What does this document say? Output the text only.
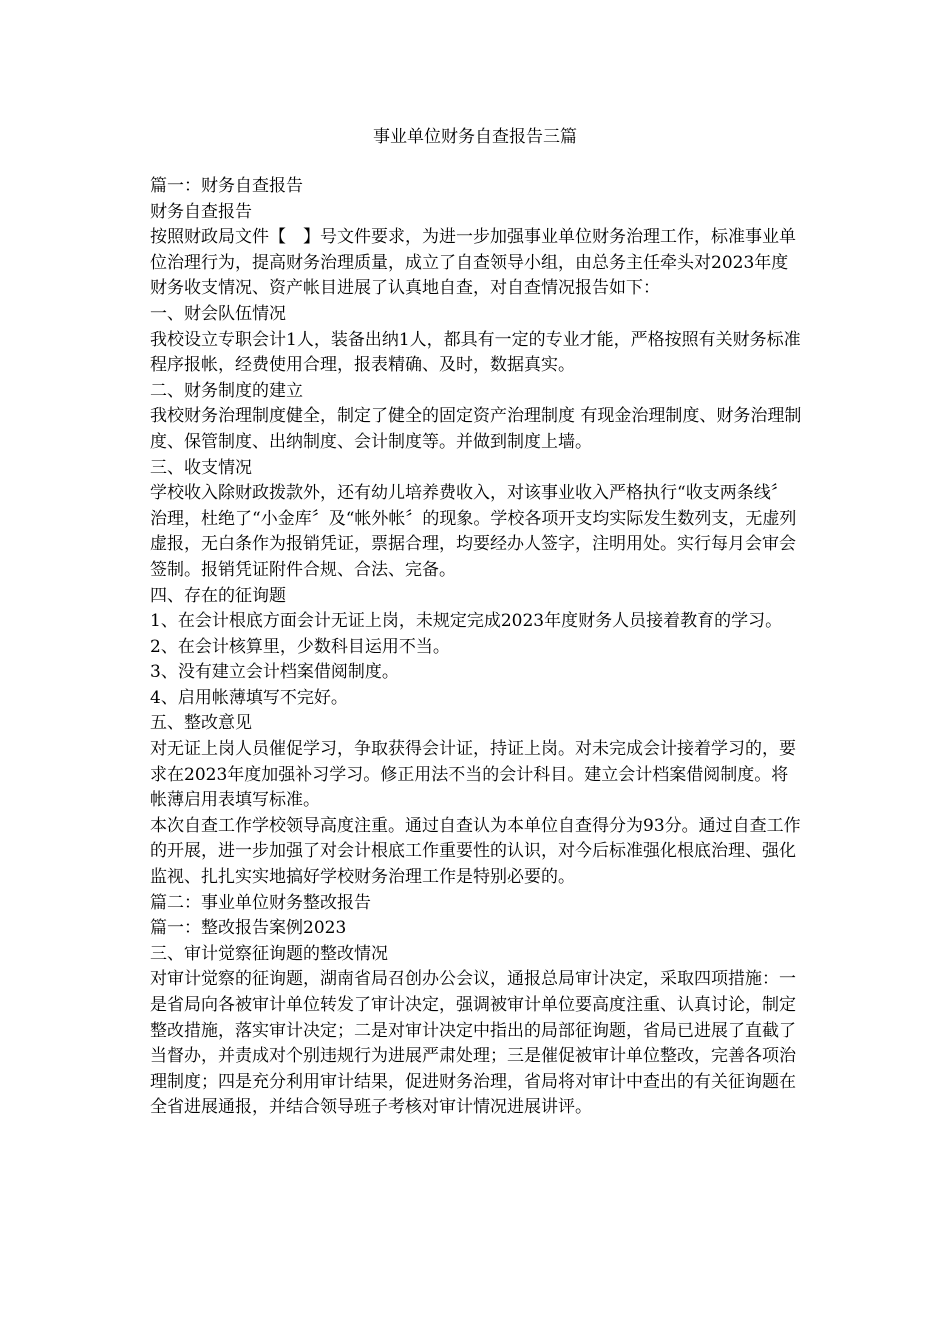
事业单位财务自查报告三篇

篇一：财务自查报告

财务自查报告

按照财政局文件【　】号文件要求，为进一步加强事业单位财务治理工作，标准事业单位治理行为，提高财务治理质量，成立了自查领导小组，由总务主任牵头对2023年度财务收支情况、资产帐目进展了认真地自查，对自查情况报告如下：

一、财会队伍情况

我校设立专职会计1人，装备出纳1人，都具有一定的专业才能，严格按照有关财务标准程序报帐，经费使用合理，报表精确、及时，数据真实。

二、财务制度的建立

我校财务治理制度健全，制定了健全的固定资产治理制度 有现金治理制度、财务治理制度、保管制度、出纳制度、会计制度等。并做到制度上墙。

三、收支情况

学校收入除财政拨款外，还有幼儿培养费收入，对该事业收入严格执行“收支两条线〞治理，杜绝了“小金库〞及“帐外帐〞的现象。学校各项开支均实际发生数列支，无虚列虚报，无白条作为报销凭证，票据合理，均要经办人签字，注明用处。实行每月会审会签制。报销凭证附件合规、合法、完备。

四、存在的征询题

1、在会计根底方面会计无证上岗，未规定完成2023年度财务人员接着教育的学习。

2、在会计核算里，少数科目运用不当。

3、没有建立会计档案借阅制度。

4、启用帐薄填写不完好。

五、整改意见

对无证上岗人员催促学习，争取获得会计证，持证上岗。对未完成会计接着学习的，要求在2023年度加强补习学习。修正用法不当的会计科目。建立会计档案借阅制度。将帐薄启用表填写标准。

本次自查工作学校领导高度注重。通过自查认为本单位自查得分为93分。通过自查工作的开展，进一步加强了对会计根底工作重要性的认识，对今后标准强化根底治理、强化监视、扎扎实实地搞好学校财务治理工作是特别必要的。

篇二：事业单位财务整改报告

篇一：整改报告案例2023

三、审计觉察征询题的整改情况

对审计觉察的征询题，湖南省局召创办公会议，通报总局审计决定，采取四项措施：一是省局向各被审计单位转发了审计决定，强调被审计单位要高度注重、认真讨论，制定整改措施，落实审计决定；二是对审计决定中指出的局部征询题，省局已进展了直截了当督办，并责成对个别违规行为进展严肃处理；三是催促被审计单位整改，完善各项治理制度；四是充分利用审计结果，促进财务治理，省局将对审计中查出的有关征询题在全省进展通报，并结合领导班子考核对审计情况进展讲评。
